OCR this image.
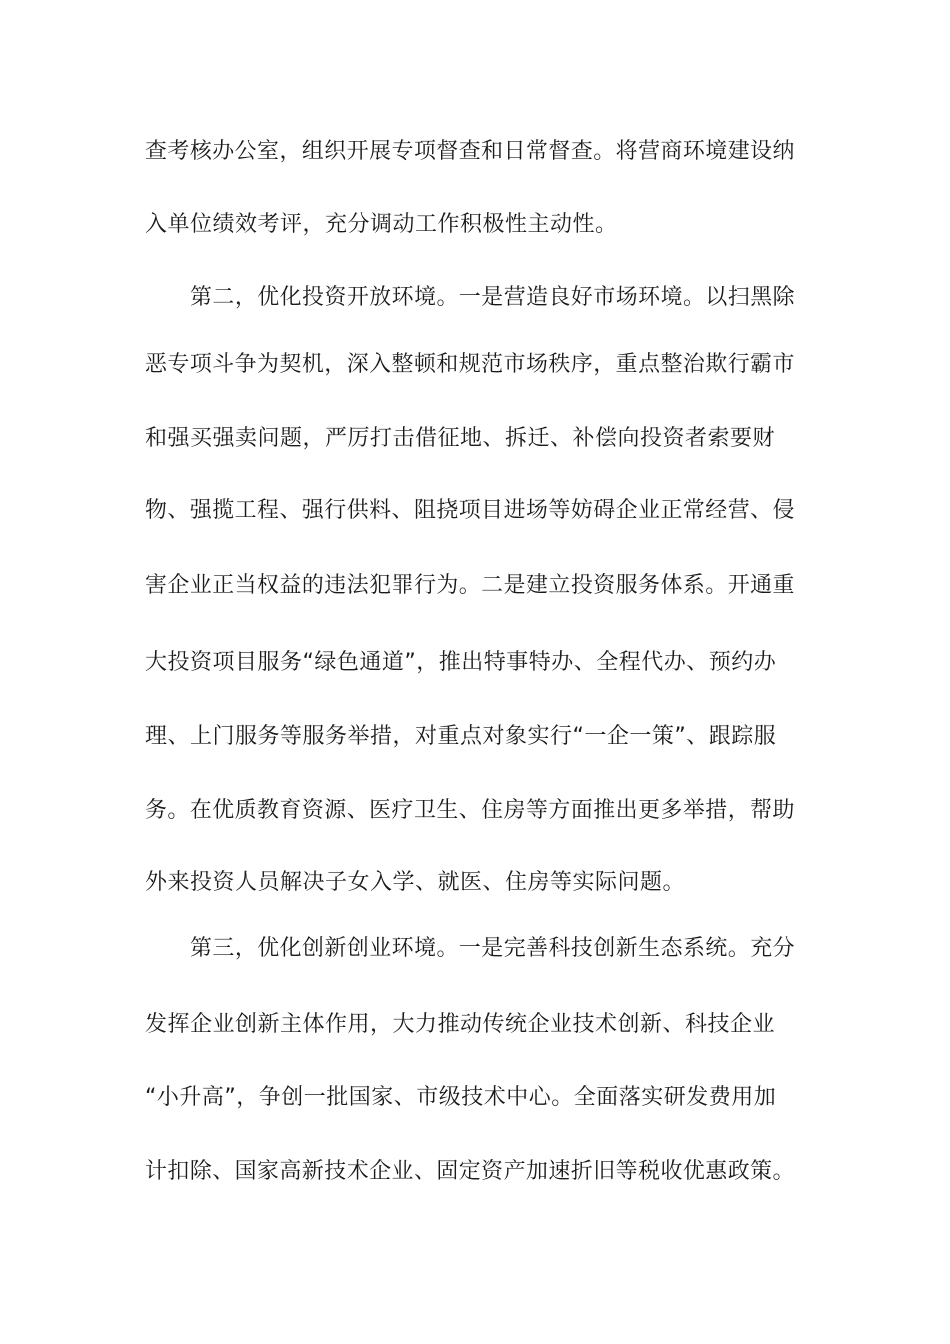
查考核办公室，组织开展专项督查和日常督查。将营商环境建设纳

入单位绩效考评，充分调动工作积极性主动性。

第二，优化投资开放环境。一是营造良好市场环境。以扫黑除

恶专项斗争为契机，深入整顿和规范市场秩序，重点整治欺行霸市

和强买强卖问题，严厉打击借征地、拆迁、补偿向投资者索要财

物、强揽工程、强行供料、阻挠项目进场等妨碍企业正常经营、侵

害企业正当权益的违法犯罪行为。二是建立投资服务体系。开通重

大投资项目服务“绿色通道”，推出特事特办、全程代办、预约办

理、上门服务等服务举措，对重点对象实行“一企一策”、跟踪服

务。在优质教育资源、医疗卫生、住房等方面推出更多举措，帮助

外来投资人员解决子女入学、就医、住房等实际问题。

第三，优化创新创业环境。一是完善科技创新生态系统。充分

发挥企业创新主体作用，大力推动传统企业技术创新、科技企业

“小升高”，争创一批国家、市级技术中心。全面落实研发费用加

计扣除、国家高新技术企业、固定资产加速折旧等税收优惠政策。
